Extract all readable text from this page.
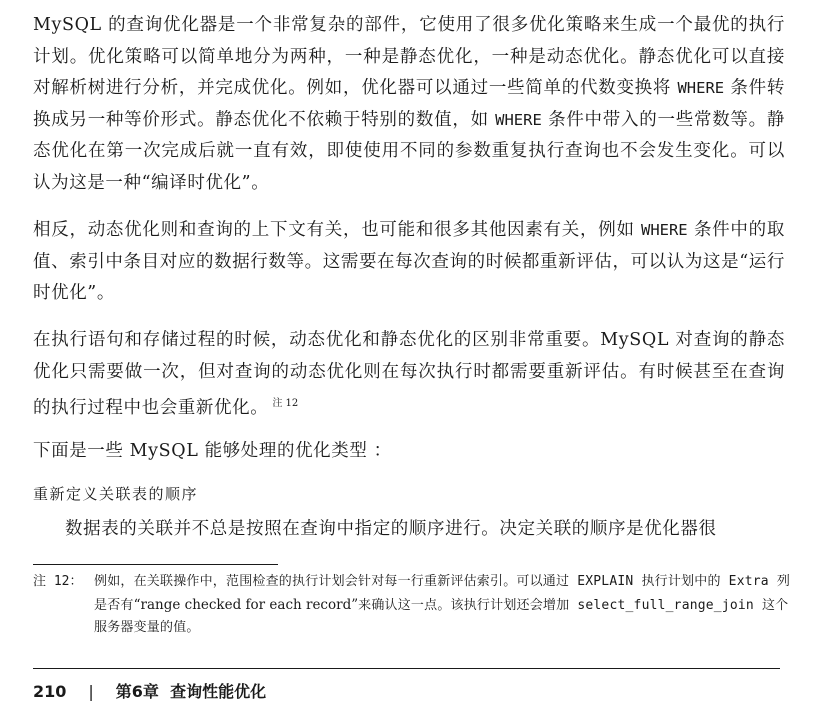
MySQL 的查询优化器是一个非常复杂的部件，它使用了很多优化策略来生成一个最优的执行计划。优化策略可以简单地分为两种，一种是静态优化，一种是动态优化。静态优化可以直接对解析树进行分析，并完成优化。例如，优化器可以通过一些简单的代数变换将 WHERE 条件转换成另一种等价形式。静态优化不依赖于特别的数值，如 WHERE 条件中带入的一些常数等。静态优化在第一次完成后就一直有效，即使使用不同的参数重复执行查询也不会发生变化。可以认为这是一种“编译时优化”。

相反，动态优化则和查询的上下文有关，也可能和很多其他因素有关，例如 WHERE 条件中的取值、索引中条目对应的数据行数等。这需要在每次查询的时候都重新评估，可以认为这是“运行时优化”。

在执行语句和存储过程的时候，动态优化和静态优化的区别非常重要。MySQL 对查询的静态优化只需要做一次，但对查询的动态优化则在每次执行时都需要重新评估。有时候甚至在查询的执行过程中也会重新优化。 $^{注 12}$

下面是一些 MySQL 能够处理的优化类型 ：

重新定义关联表的顺序

数据表的关联并不总是按照在查询中指定的顺序进行。决定关联的顺序是优化器很

注 12： 例如，在关联操作中，范围检查的执行计划会针对每一行重新评估索引。可以通过 EXPLAIN 执行计划中的 Extra 列是否有“range checked for each record”来确认这一点。该执行计划还会增加 select_full_range_join 这个服务器变量的值。
210 | 第6章 查询性能优化
